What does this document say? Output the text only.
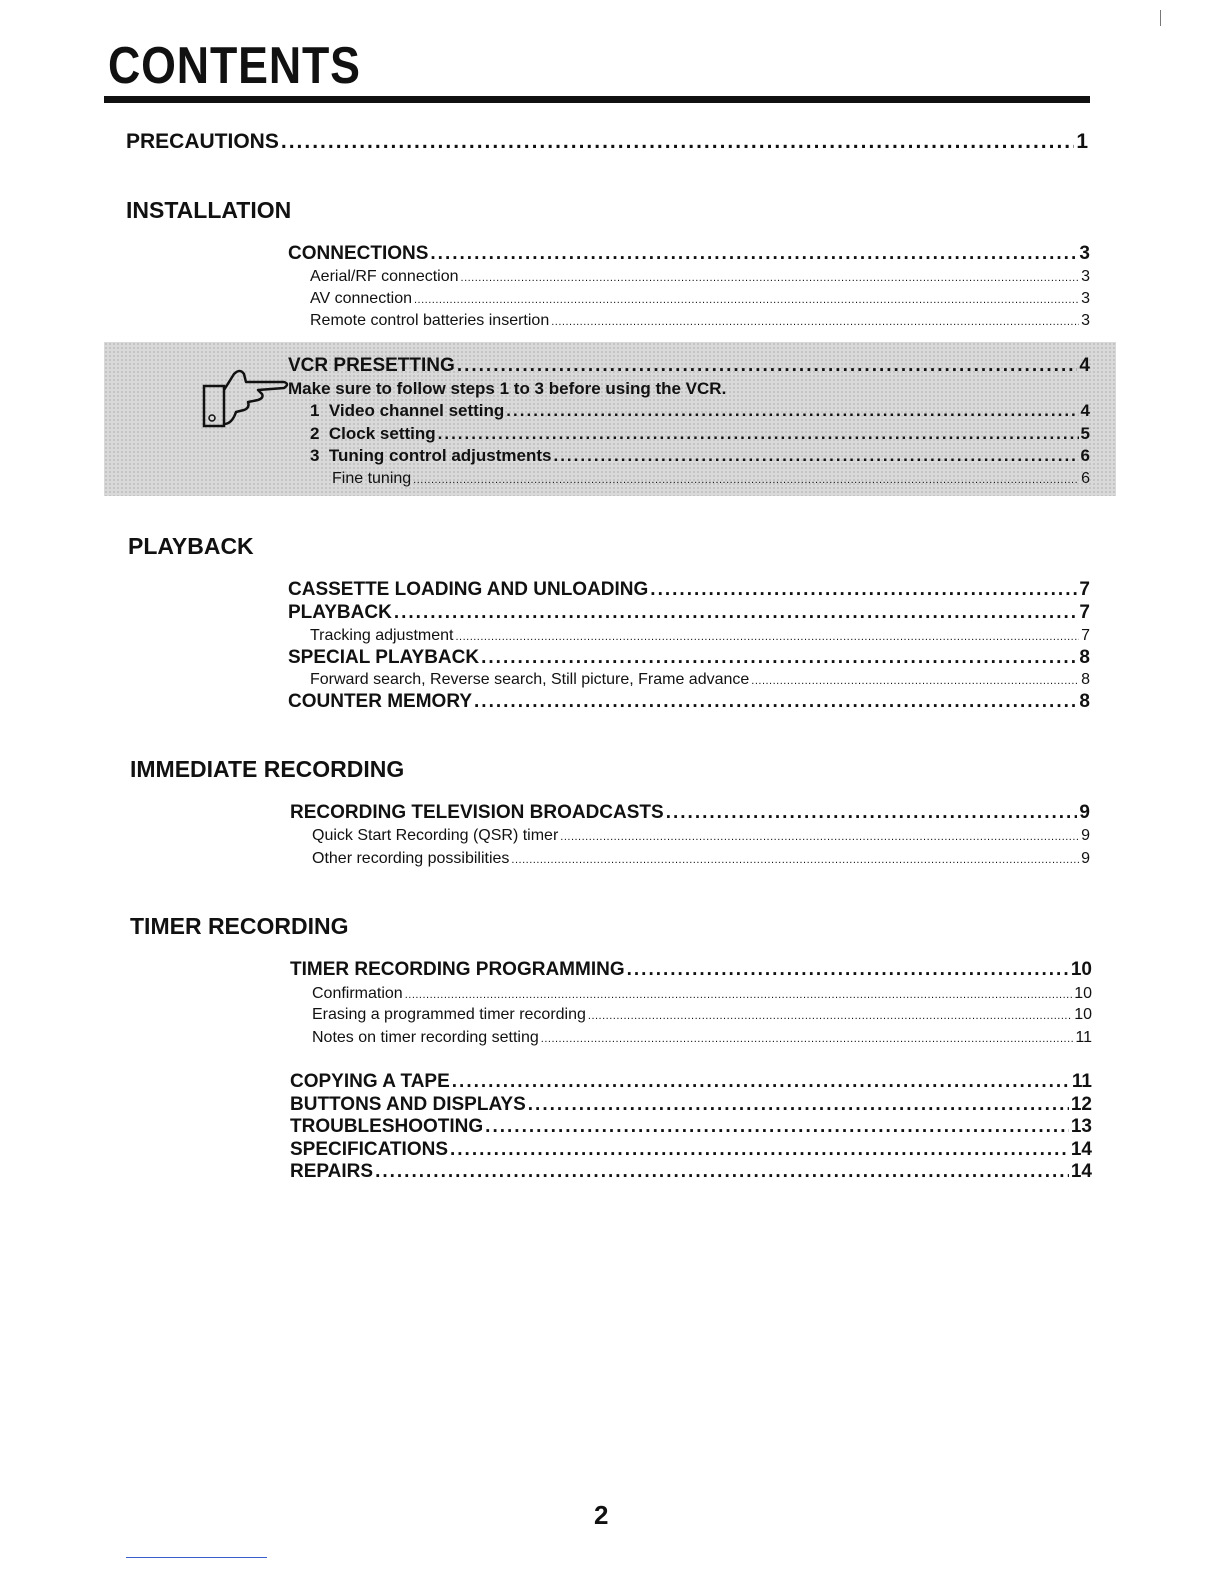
CONTENTS
PRECAUTIONS .....	1
INSTALLATION
CONNECTIONS .....	3
Aerial/RF connection .....	3
AV connection .....	3
Remote control batteries insertion .....	3
VCR PRESETTING .....	4
Make sure to follow steps 1 to 3 before using the VCR.
1  Video channel setting .....	4
2  Clock setting .....	5
3  Tuning control adjustments .....	6
Fine tuning .....	6
PLAYBACK
CASSETTE LOADING AND UNLOADING .....	7
PLAYBACK .....	7
Tracking adjustment .....	7
SPECIAL PLAYBACK .....	8
Forward search, Reverse search, Still picture, Frame advance .....	8
COUNTER MEMORY .....	8
IMMEDIATE RECORDING
RECORDING TELEVISION BROADCASTS .....	9
Quick Start Recording (QSR) timer .....	9
Other recording possibilities .....	9
TIMER RECORDING
TIMER RECORDING PROGRAMMING .....	10
Confirmation .....	10
Erasing a programmed timer recording .....	10
Notes on timer recording setting .....	11
COPYING A TAPE .....	11
BUTTONS AND DISPLAYS .....	12
TROUBLESHOOTING .....	13
SPECIFICATIONS .....	14
REPAIRS .....	14
2
